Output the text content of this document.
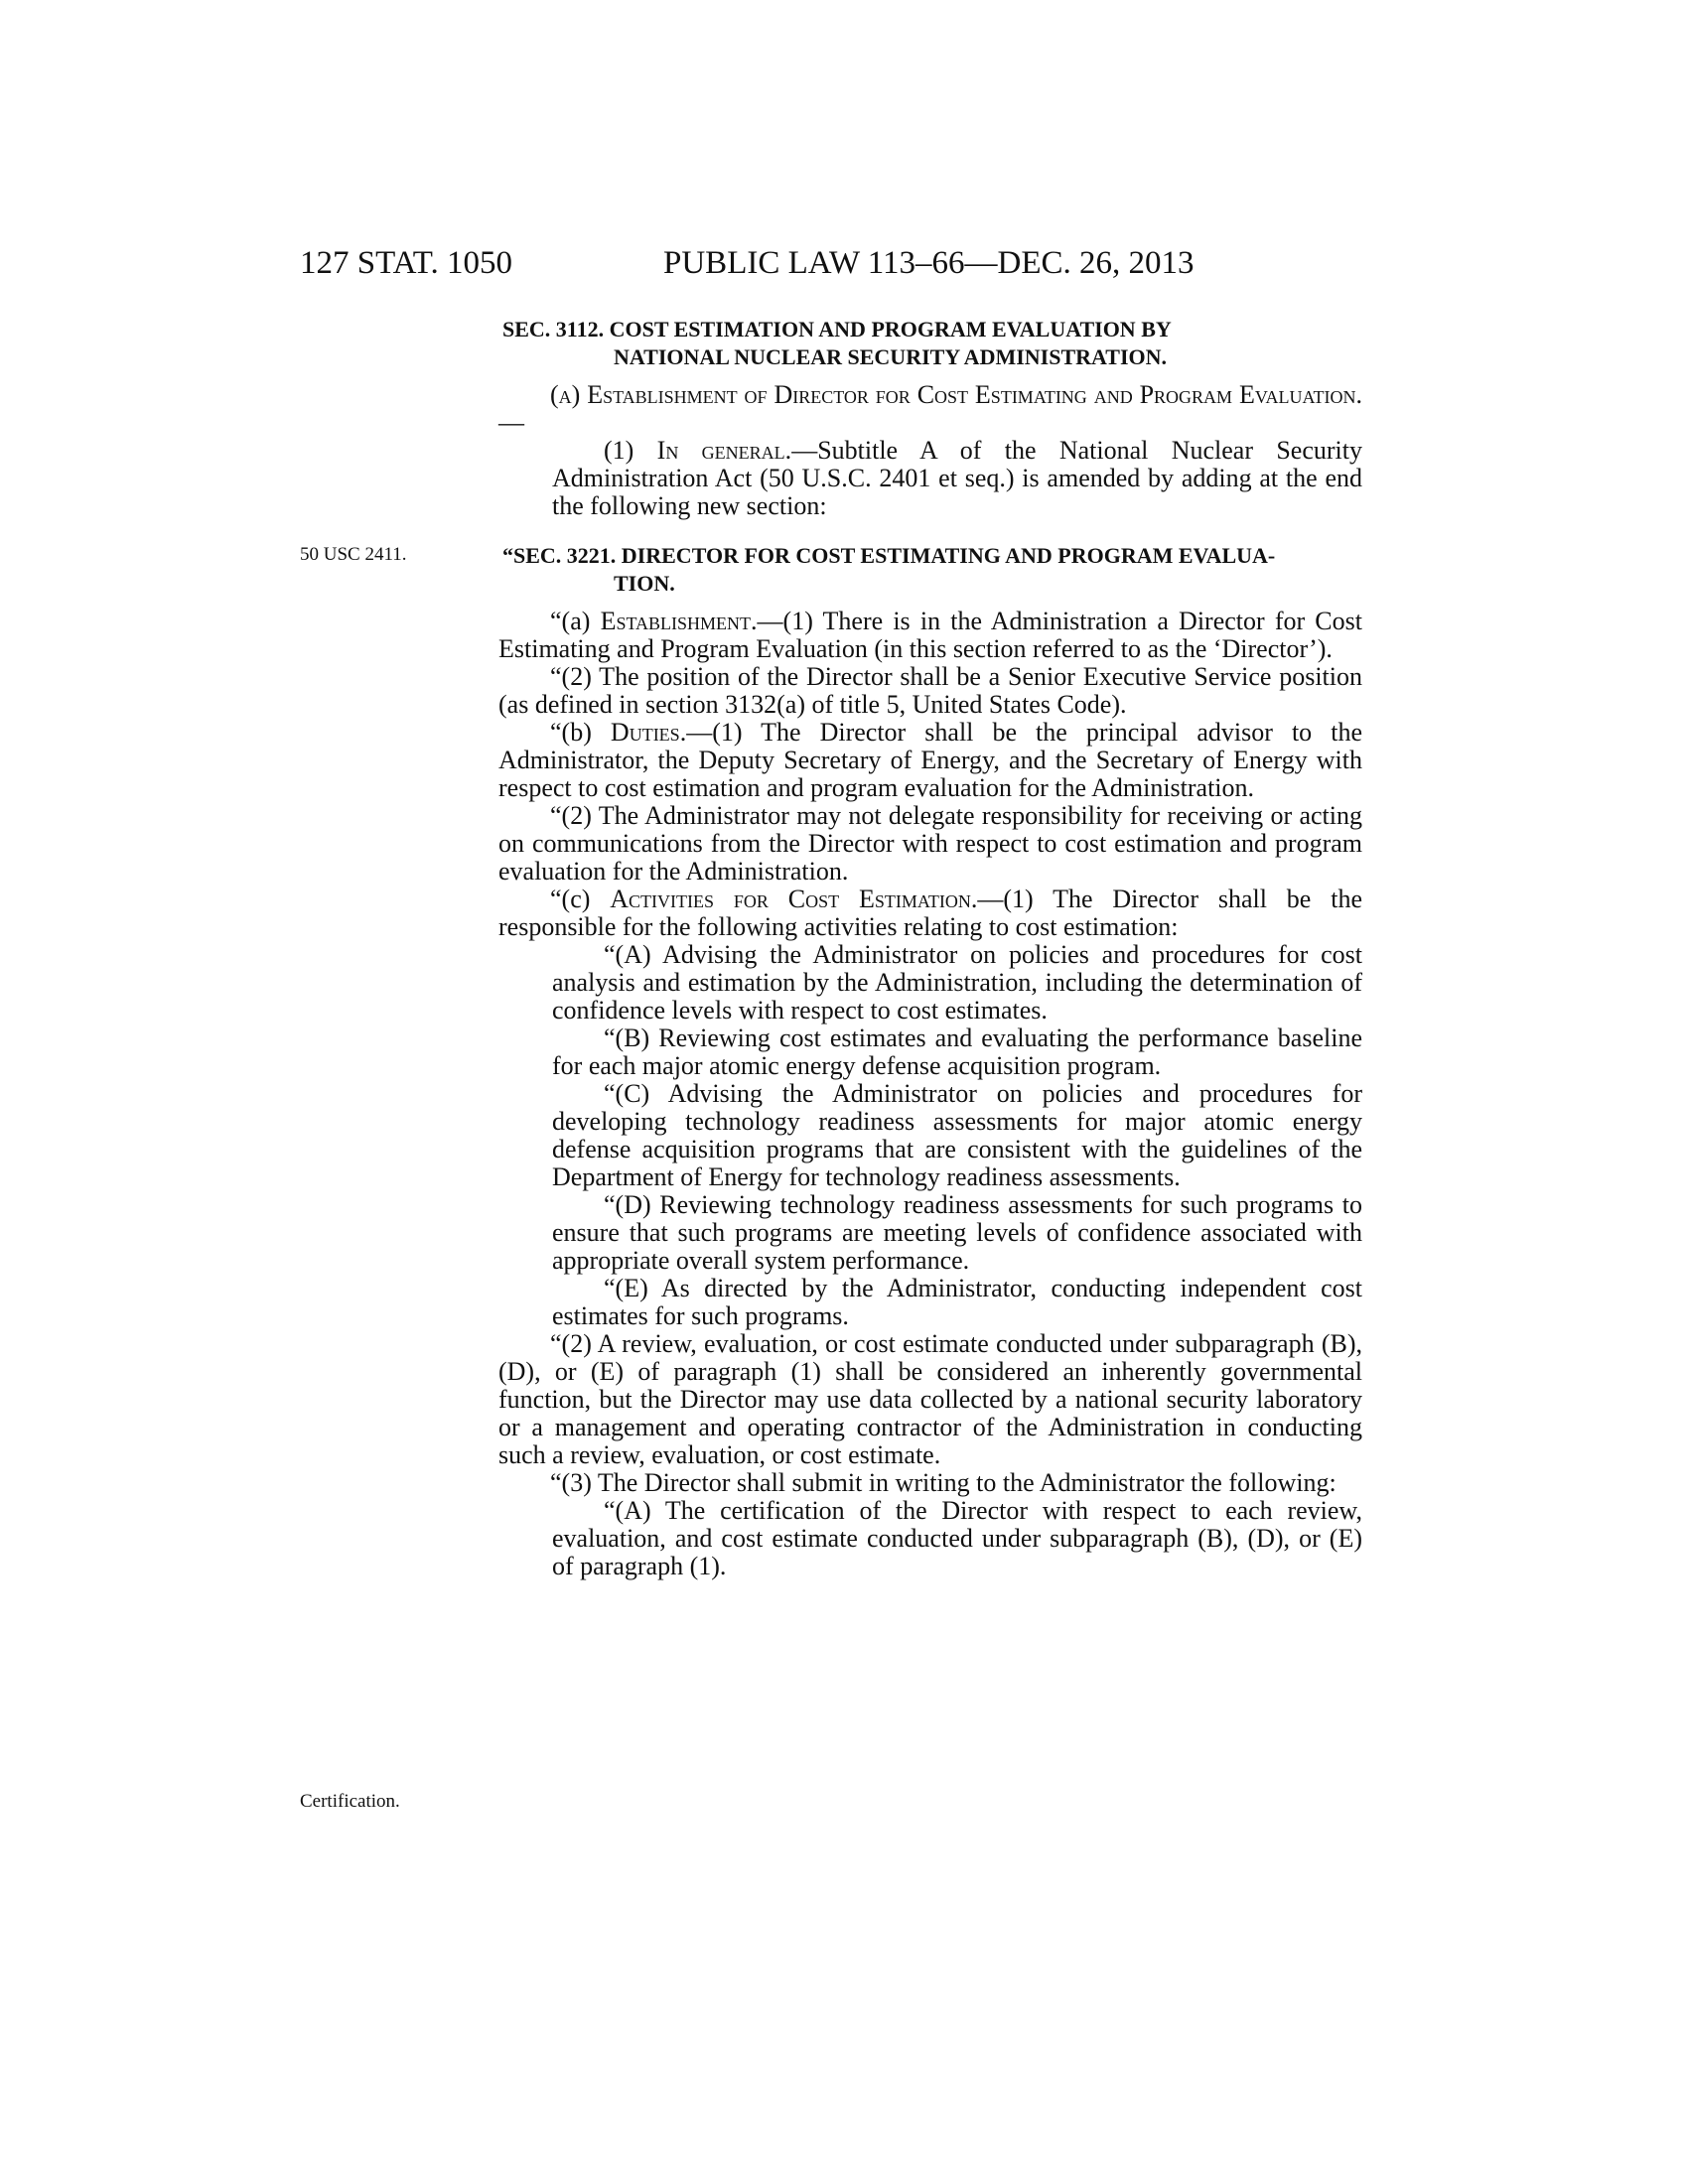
127 STAT. 1050	PUBLIC LAW 113–66—DEC. 26, 2013
SEC. 3112. COST ESTIMATION AND PROGRAM EVALUATION BY
NATIONAL NUCLEAR SECURITY ADMINISTRATION.

(a) Establishment of Director for Cost Estimating and Program Evaluation.—

(1) In general.—Subtitle A of the National Nuclear Security Administration Act (50 U.S.C. 2401 et seq.) is amended by adding at the end the following new section:

50 USC 2411.	“SEC. 3221. DIRECTOR FOR COST ESTIMATING AND PROGRAM EVALUA-
TION.

“(a) Establishment.—(1) There is in the Administration a Director for Cost Estimating and Program Evaluation (in this section referred to as the ‘Director’).

“(2) The position of the Director shall be a Senior Executive Service position (as defined in section 3132(a) of title 5, United States Code).

“(b) Duties.—(1) The Director shall be the principal advisor to the Administrator, the Deputy Secretary of Energy, and the Secretary of Energy with respect to cost estimation and program evaluation for the Administration.

“(2) The Administrator may not delegate responsibility for receiving or acting on communications from the Director with respect to cost estimation and program evaluation for the Administration.

“(c) Activities for Cost Estimation.—(1) The Director shall be the responsible for the following activities relating to cost estimation:

“(A) Advising the Administrator on policies and procedures for cost analysis and estimation by the Administration, including the determination of confidence levels with respect to cost estimates.

“(B) Reviewing cost estimates and evaluating the performance baseline for each major atomic energy defense acquisition program.

“(C) Advising the Administrator on policies and procedures for developing technology readiness assessments for major atomic energy defense acquisition programs that are consistent with the guidelines of the Department of Energy for technology readiness assessments.

“(D) Reviewing technology readiness assessments for such programs to ensure that such programs are meeting levels of confidence associated with appropriate overall system performance.

“(E) As directed by the Administrator, conducting independent cost estimates for such programs.

“(2) A review, evaluation, or cost estimate conducted under subparagraph (B), (D), or (E) of paragraph (1) shall be considered an inherently governmental function, but the Director may use data collected by a national security laboratory or a management and operating contractor of the Administration in conducting such a review, evaluation, or cost estimate.

“(3) The Director shall submit in writing to the Administrator the following:

“(A) The certification of the Director with respect to each review, evaluation, and cost estimate conducted under subparagraph (B), (D), or (E) of paragraph (1).

Certification.
